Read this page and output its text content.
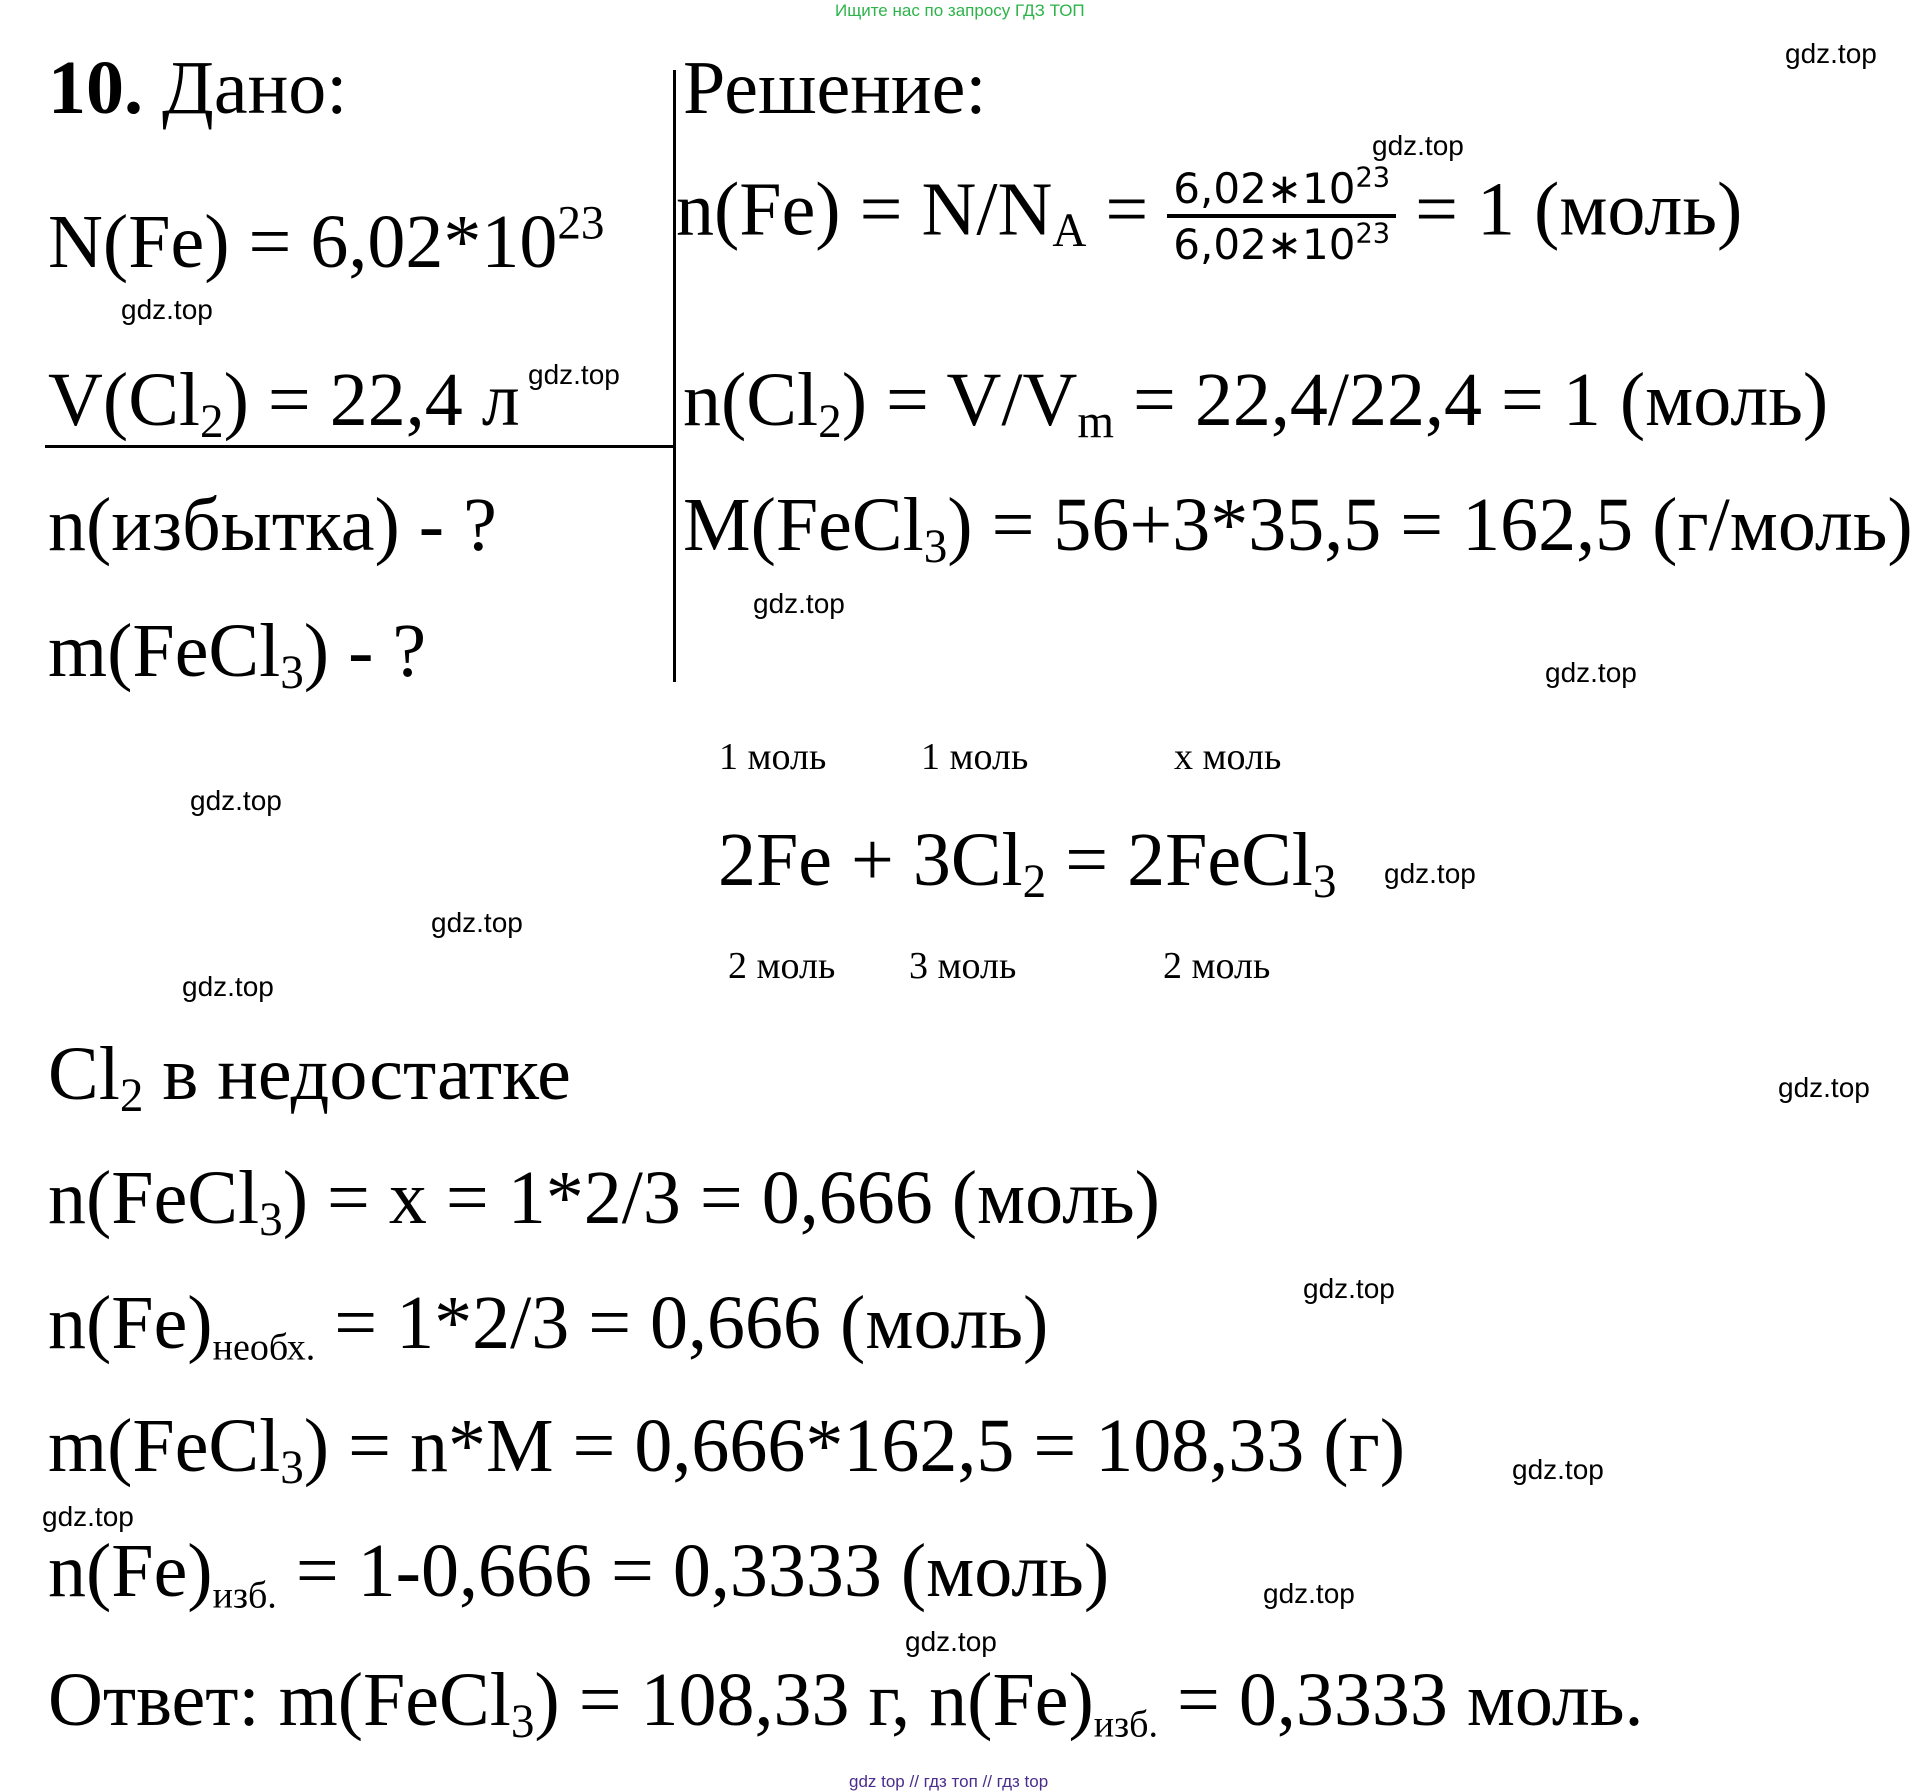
Ищите нас по запросу ГДЗ ТОП
10. Дано:	Решение:
$N(Fe) = 6,02*10^{23}$
$V(Cl_2) = 22,4$ л
n(избытка) - ?
m(FeCl$_3$) - ?
$n(Fe) = N/N_A = \frac{6,02∗10^{23}}{6,02∗10^{23}} = 1$ (моль)
$n(Cl_2) = V/V_m = 22,4/22,4 = 1$ (моль)
M(FeCl$_3$) = 56+3*35,5 = 162,5 (г/моль)
1 моль 1 моль	x моль
$2Fe + 3Cl_2$ = 2FeCl$_3$
2 моль 3 моль	2 моль
$Cl_2$ в недостатке
n(FeCl$_3$) = x = 1*2/3 = 0,666 (моль)
$n(Fe)_{необх.} = 1*2/3 = 0,666$ (моль)
m(FeCl$_3$) = n*M = 0,666*162,5 = 108,33 (г)
$n(Fe)_{изб.} = 1-0,666 = 0,3333$ (моль)
Ответ: m(FeCl$_3$) = 108,33 г, $n(Fe)_{изб.} = 0,3333$ моль.
gdz.top
gdz.top
gdz.top
gdz.top
gdz.top
gdz.top
gdz.top
gdz.top
gdz.top
gdz.top
gdz.top
gdz.top
gdz.top
gdz.top
gdz.top
gdz.top
gdz top // гдз топ // гдз top
